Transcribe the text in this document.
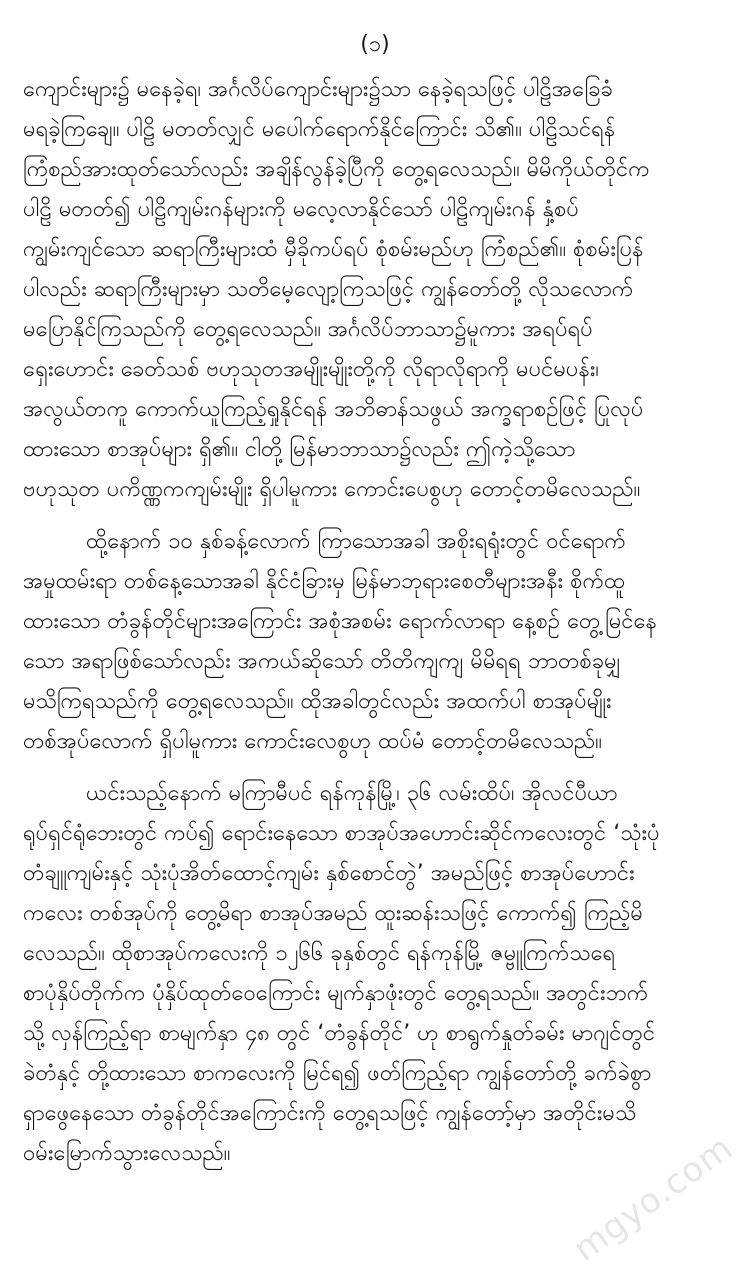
(၁)
ကျောင်းများ၌ မနေခဲ့ရ၊ အင်္ဂလိပ်ကျောင်းများ၌သာ နေခဲ့ရသဖြင့် ပါဠိအခြေခံ
မရခဲ့ကြချေ။ ပါဠိ မတတ်လျှင် မပေါက်ရောက်နိုင်ကြောင်း သိ၏။ ပါဠိသင်ရန်
ကြံစည်အားထုတ်သော်လည်း အချိန်လွန်ခဲ့ပြီကို တွေ့ရလေသည်။ မိမိကိုယ်တိုင်က
ပါဠိ မတတ်၍ ပါဠိကျမ်းဂန်များကို မလေ့လာနိုင်သော် ပါဠိကျမ်းဂန် နှံ့စပ်
ကျွမ်းကျင်သော ဆရာကြီးများထံ မှီခိုကပ်ရပ် စုံစမ်းမည်ဟု ကြံစည်၏။ စုံစမ်းပြန်
ပါလည်း ဆရာကြီးများမှာ သတိမေ့လျော့ကြသဖြင့် ကျွန်တော်တို့ လိုသလောက်
မပြောနိုင်ကြသည်ကို တွေ့ရလေသည်။ အင်္ဂလိပ်ဘာသာ၌မူကား အရပ်ရပ်
ရှေးဟောင်း ခေတ်သစ် ဗဟုသုတအမျိုးမျိုးတို့ကို လိုရာလိုရာကို မပင်မပန်း၊
အလွယ်တကူ ကောက်ယူကြည့်ရှုနိုင်ရန် အဘိဓာန်သဖွယ် အက္ခရာစဉ်ဖြင့် ပြုလုပ်
ထားသော စာအုပ်များ ရှိ၏။ ငါတို့ မြန်မာဘာသာ၌လည်း ဤကဲ့သို့သော
ဗဟုသုတ ပကိဏ္ဏကကျမ်းမျိုး ရှိပါမူကား ကောင်းပေစွဟု တောင့်တမိလေသည်။
ထို့နောက် ၁၀ နှစ်ခန့်လောက် ကြာသောအခါ အစိုးရရုံးတွင် ဝင်ရောက်
အမှုထမ်းရာ တစ်နေ့သောအခါ နိုင်ငံခြားမှ မြန်မာဘုရားစေတီများအနီး စိုက်ထူ
ထားသော တံခွန်တိုင်များအကြောင်း အစုံအစမ်း ရောက်လာရာ နေ့စဉ် တွေ့မြင်နေ
သော အရာဖြစ်သော်လည်း အကယ်ဆိုသော် တိတိကျကျ မိမိရရ ဘာတစ်ခုမျှ
မသိကြရသည်ကို တွေ့ရလေသည်။ ထိုအခါတွင်လည်း အထက်ပါ စာအုပ်မျိုး
တစ်အုပ်လောက် ရှိပါမူကား ကောင်းလေစွဟု ထပ်မံ တောင့်တမိလေသည်။
ယင်းသည့်နောက် မကြာမီပင် ရန်ကုန်မြို့၊ ၃၆ လမ်းထိပ်၊ အိုလင်ပီယာ
ရုပ်ရှင်ရုံဘေးတွင် ကပ်၍ ရောင်းနေသော စာအုပ်အဟောင်းဆိုင်ကလေးတွင် ‘သုံးပုံ
တံချူကျမ်းနှင့် သုံးပုံအိတ်ထောင့်ကျမ်း နှစ်စောင်တွဲ’ အမည်ဖြင့် စာအုပ်ဟောင်း
ကလေး တစ်အုပ်ကို တွေ့မိရာ စာအုပ်အမည် ထူးဆန်းသဖြင့် ကောက်၍ ကြည့်မိ
လေသည်။ ထိုစာအုပ်ကလေးကို ၁၂၆၆ ခုနှစ်တွင် ရန်ကုန်မြို့ ဇမ္ဗူကြက်သရေ
စာပုံနှိပ်တိုက်က ပုံနှိပ်ထုတ်ဝေကြောင်း မျက်နှာဖုံးတွင် တွေ့ရသည်။ အတွင်းဘက်
သို့ လှန်ကြည့်ရာ စာမျက်နှာ ၄၈ တွင် ‘တံခွန်တိုင်’ ဟု စာရွက်နှုတ်ခမ်း မာဂျင်တွင်
ခဲတံနှင့် တို့ထားသော စာကလေးကို မြင်ရ၍ ဖတ်ကြည့်ရာ ကျွန်တော်တို့ ခက်ခဲစွာ
ရှာဖွေနေသော တံခွန်တိုင်အကြောင်းကို တွေ့ရသဖြင့် ကျွန်တော့်မှာ အတိုင်းမသိ
ဝမ်းမြောက်သွားလေသည်။	mgyo.com
